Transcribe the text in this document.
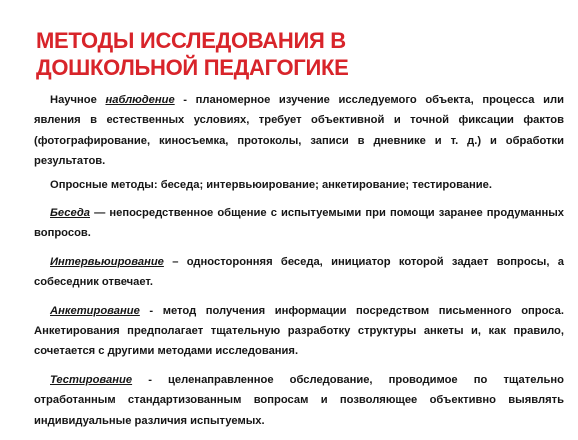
МЕТОДЫ ИССЛЕДОВАНИЯ В
ДОШКОЛЬНОЙ ПЕДАГОГИКЕ

Научное наблюдение - планомерное изучение исследуемого объекта, процесса или явления в естественных условиях, требует объективной и точной фиксации фактов (фотографирование, киносъемка, протоколы, записи в дневнике и т. д.) и обработки результатов.

Опросные методы: беседа; интервьюирование; анкетирование; тестирование.

Беседа — непосредственное общение с испытуемыми при помощи заранее продуманных вопросов.

Интервьюирование – односторонняя беседа, инициатор которой задает вопросы, а собеседник отвечает.

Анкетирование - метод получения информации посредством письменного опроса. Анкетирования предполагает тщательную разработку структуры анкеты и, как правило, сочетается с другими методами исследования.

Тестирование - целенаправленное обследование, проводимое по тщательно отработанным стандартизованным вопросам и позволяющее объективно выявлять индивидуальные различия испытуемых.
